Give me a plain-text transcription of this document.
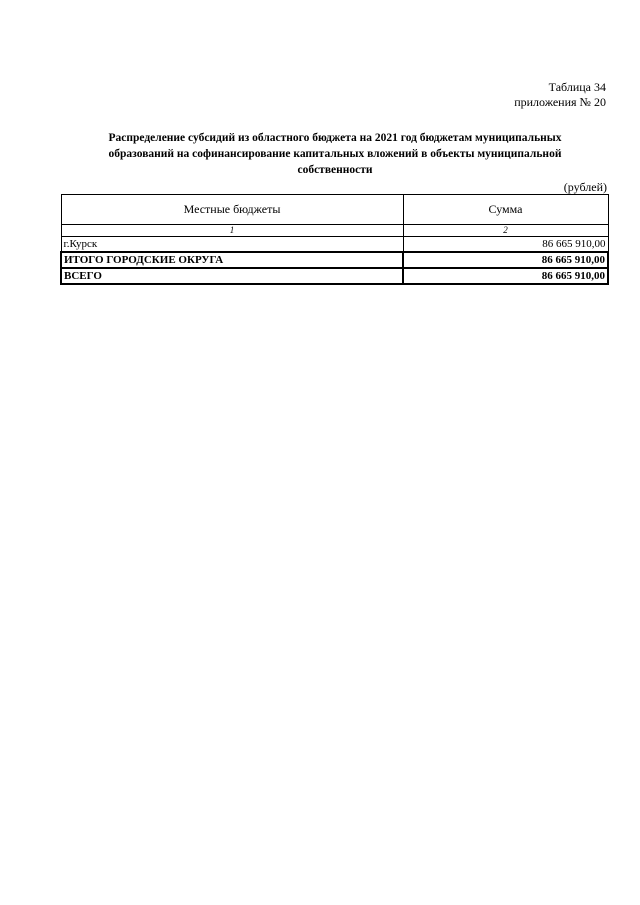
Таблица 34
приложения № 20
Распределение субсидий из областного бюджета на 2021 год бюджетам муниципальных
образований на софинансирование капитальных вложений в объекты муниципальной
собственности
(рублей)
Местные бюджеты	Сумма
1	2
г.Курск	86 665 910,00
ИТОГО ГОРОДСКИЕ ОКРУГА	86 665 910,00
ВСЕГО	86 665 910,00
